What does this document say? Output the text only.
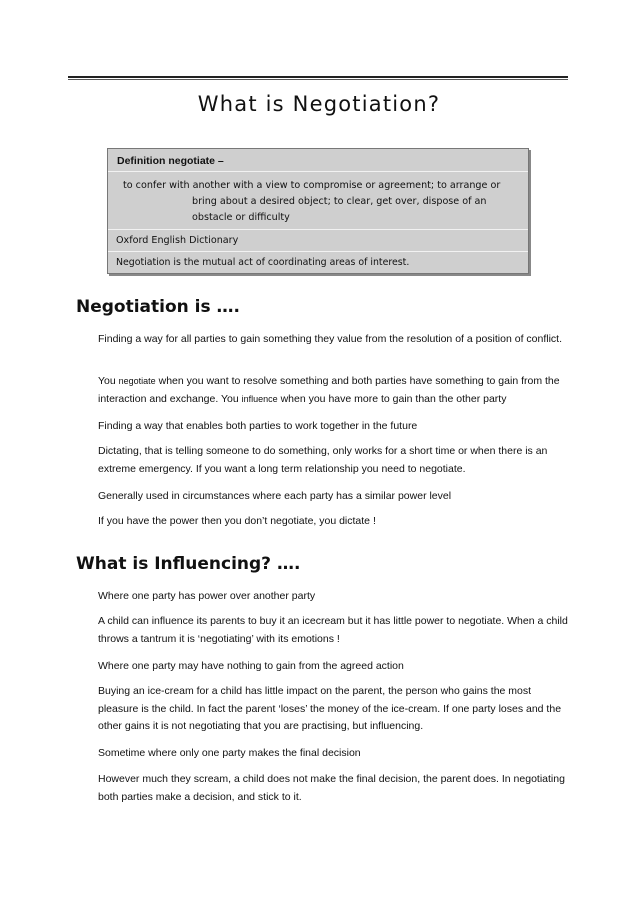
What is Negotiation?
Definition negotiate –
to confer with another with a view to compromise or agreement; to arrange or
bring about a desired object; to clear, get over, dispose of an
obstacle or difficulty
Oxford English Dictionary
Negotiation is the mutual act of coordinating areas of interest.
Negotiation is ….
Finding a way for all parties to gain something they value from the resolution of a position of conflict.
You negotiate when you want to resolve something and both parties have something to gain from the interaction and exchange. You influence when you have more to gain than the other party
Finding a way that enables both parties to work together in the future
Dictating, that is telling someone to do something, only works for a short time or when there is an extreme emergency. If you want a long term relationship you need to negotiate.
Generally used in circumstances where each party has a similar power level
If you have the power then you don’t negotiate, you dictate !
What is Influencing? ….
Where one party has power over another party
A child can influence its parents to buy it an icecream but it has little power to negotiate. When a child throws a tantrum it is ‘negotiating’ with its emotions !
Where one party may have nothing to gain from the agreed action
Buying an ice-cream for a child has little impact on the parent, the person who gains the most pleasure is the child. In fact the parent ‘loses’ the money of the ice-cream. If one party loses and the other gains it is not negotiating that you are practising, but influencing.
Sometime where only one party makes the final decision
However much they scream, a child does not make the final decision, the parent does. In negotiating both parties make a decision, and stick to it.
